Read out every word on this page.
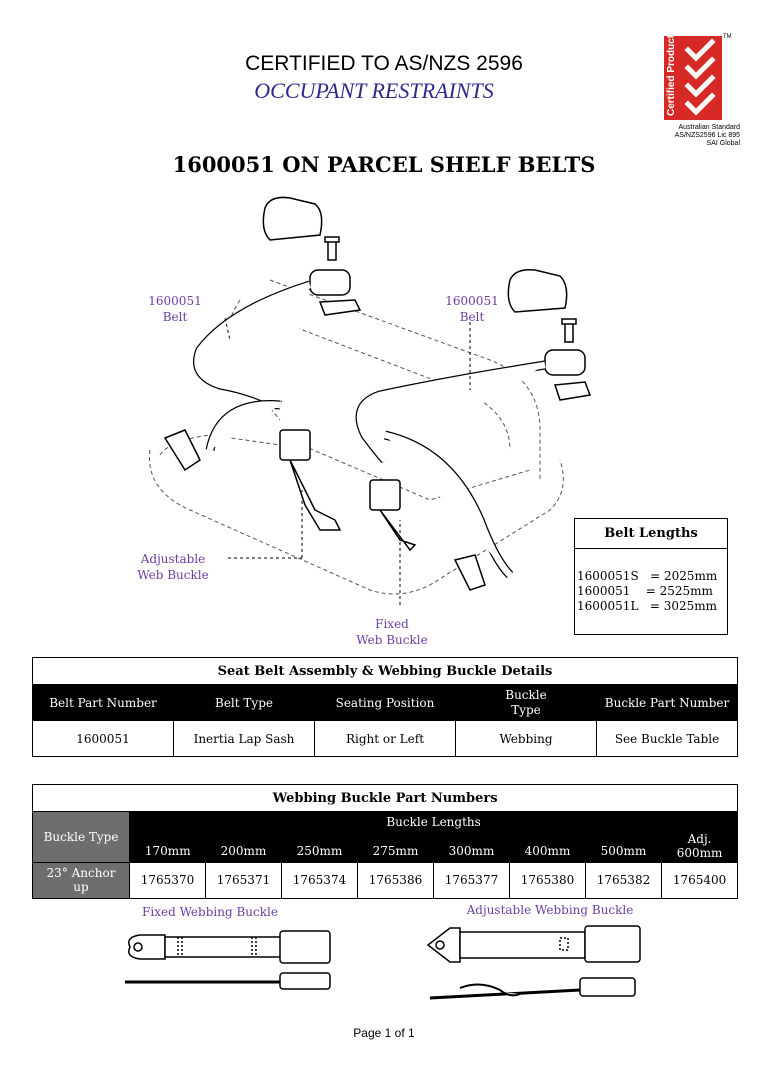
CERTIFIED TO AS/NZS 2596
OCCUPANT RESTRAINTS	Certified Product	TM
Australian Standard
AS/NZS2596 Lic 895
SAI Global
1600051 ON PARCEL SHELF BELTS
1600051
Belt
1600051
Belt
Adjustable
Web Buckle
Fixed
Web Buckle
Belt Lengths
1600051S   = 2025mm
1600051    = 2525mm
1600051L   = 3025mm
Seat Belt Assembly & Webbing Buckle Details				
Belt Part Number	Belt Type	Seating Position	Buckle Type	Buckle Part Number
1600051	Inertia Lap Sash	Right or Left	Webbing	See Buckle Table
Webbing Buckle Part Numbers								
Buckle Type	Buckle Lengths							
	170mm	200mm	250mm	275mm	300mm	400mm	500mm	Adj. 600mm

23° Anchor up	1765370	1765371	1765374	1765386	1765377	1765380	1765382	1765400
Fixed Webbing Buckle	Adjustable Webbing Buckle
Page 1 of 1
